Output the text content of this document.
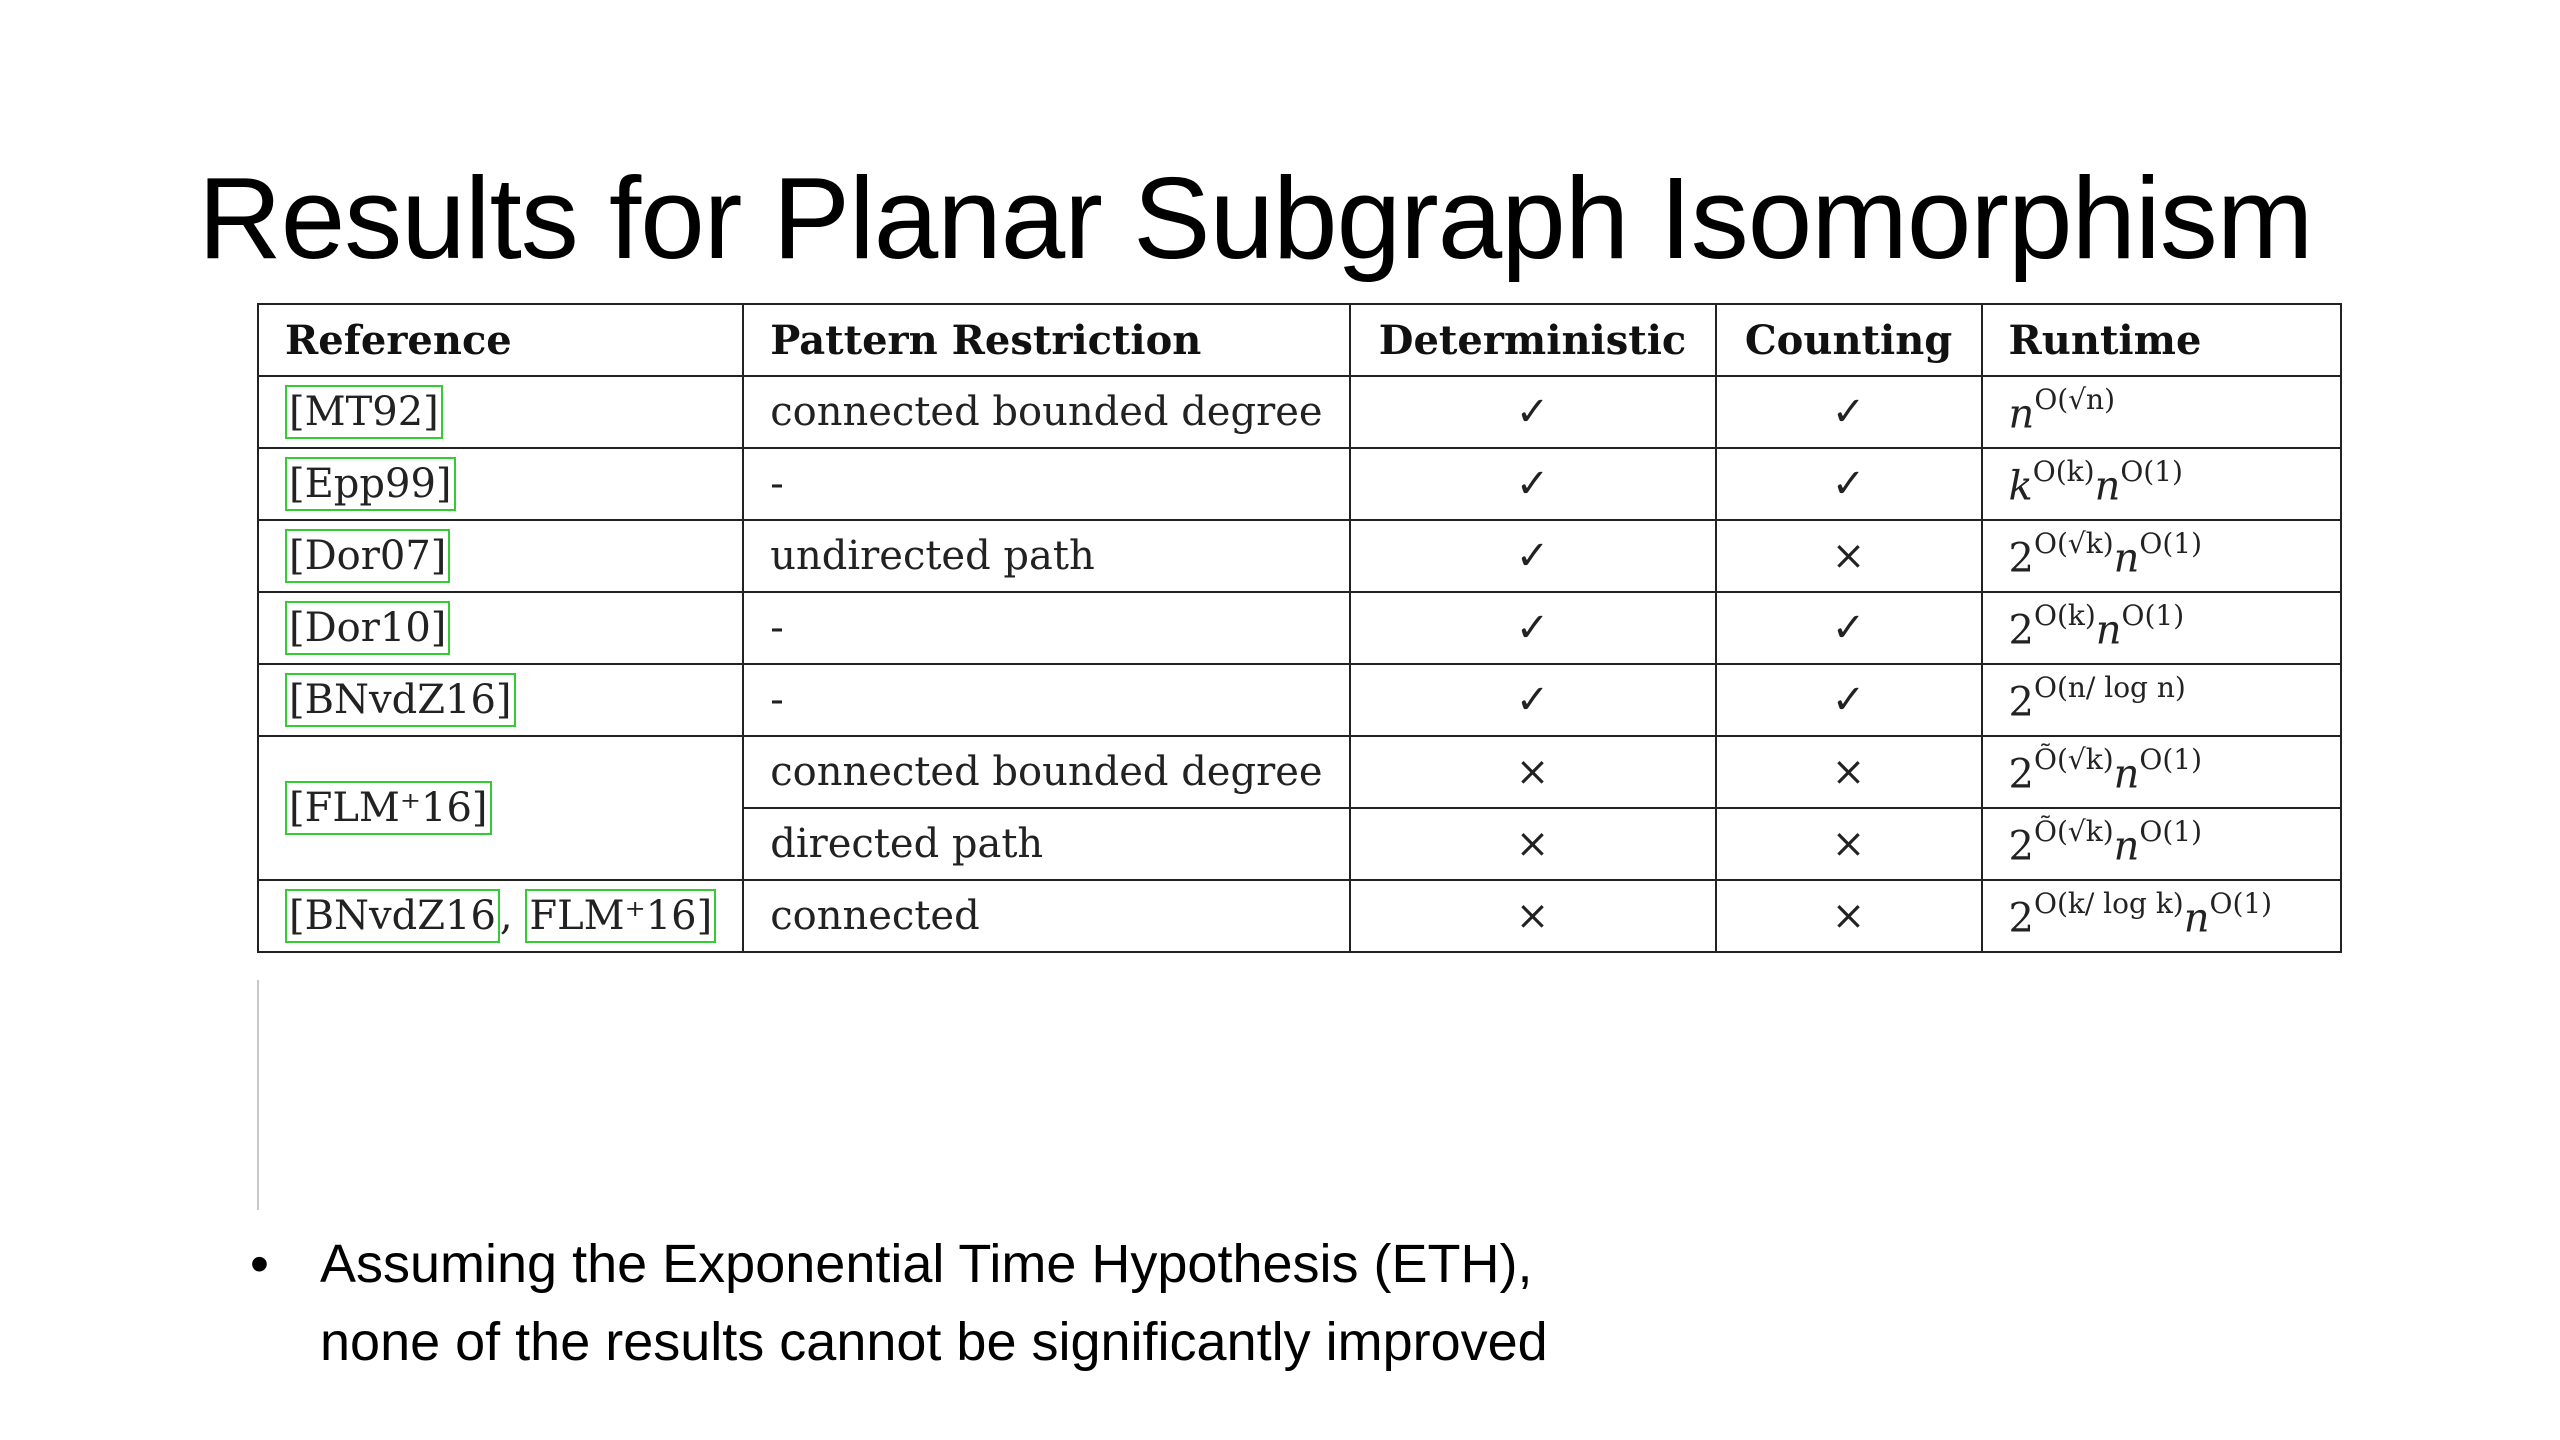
Results for Planar Subgraph Isomorphism
Reference	Pattern Restriction	Deterministic	Counting	Runtime
[MT92]	connected bounded degree	✓	✓	$n^{O(√n)}$
[Epp99]	-	✓	✓	$k^{O(k)}n^{O(1)}$
[Dor07]	undirected path	✓	×	$2^{O(√k)}n^{O(1)}$
[Dor10]	-	✓	✓	$2^{O(k)}n^{O(1)}$
[BNvdZ16]	-	✓	✓	$2^{O(n/ log n)}$
[FLM⁺16]	connected bounded degree	×	×	$2^{Õ(√k)}n^{O(1)}$
	directed path	×	×	$2^{Õ(√k)}n^{O(1)}$
[BNvdZ16 , FLM⁺16]	connected	×	×	$2^{O(k/ log k)}n^{O(1)}$
• Assuming the Exponential Time Hypothesis (ETH),
none of the results cannot be significantly improved
